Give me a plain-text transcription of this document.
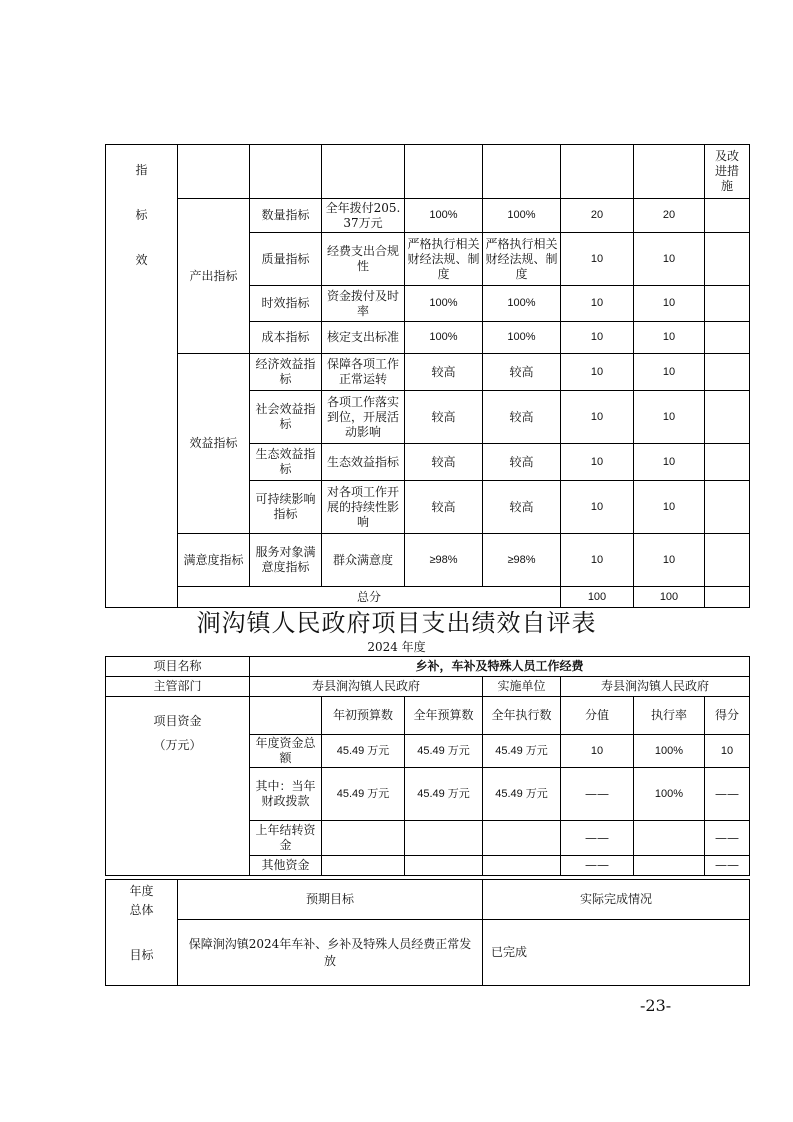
指
标
效								及改
进措
施

	产出指标	数量指标	全年拨付205.37万元	100%	100%	20	20	
		质量指标	经费支出合规性	严格执行相关财经法规、制度	严格执行相关财经法规、制度	10	10	
		时效指标	资金拨付及时率	100%	100%	10	10	
		成本指标	核定支出标准	100%	100%	10	10	
	效益指标	经济效益指标	保障各项工作正常运转	较高	较高	10	10	
		社会效益指标	各项工作落实到位，开展活动影响	较高	较高	10	10	
		生态效益指标	生态效益指标	较高	较高	10	10	
		可持续影响指标	对各项工作开展的持续性影响	较高	较高	10	10	
	满意度指标	服务对象满意度指标	群众满意度	≥98%	≥98%	10	10	
	总分					100	100	
涧沟镇人民政府项目支出绩效自评表
2024 年度
项目名称	乡补，车补及特殊人员工作经费						
主管部门	寿县涧沟镇人民政府			实施单位	寿县涧沟镇人民政府		

项目资金
（万元）		年初预算数	全年预算数	全年执行数	分值	执行率	得分
	年度资金总额	45.49 万元	45.49 万元	45.49 万元	10	100%	10
	其中：当年财政拨款	45.49 万元	45.49 万元	45.49 万元	——	100%	——
	上年结转资金				——		——
	其他资金				——		——
年度
总体
目标	预期目标	实际完成情况
	保障涧沟镇2024年车补、乡补及特殊人员经费正常发放	已完成
-23-
